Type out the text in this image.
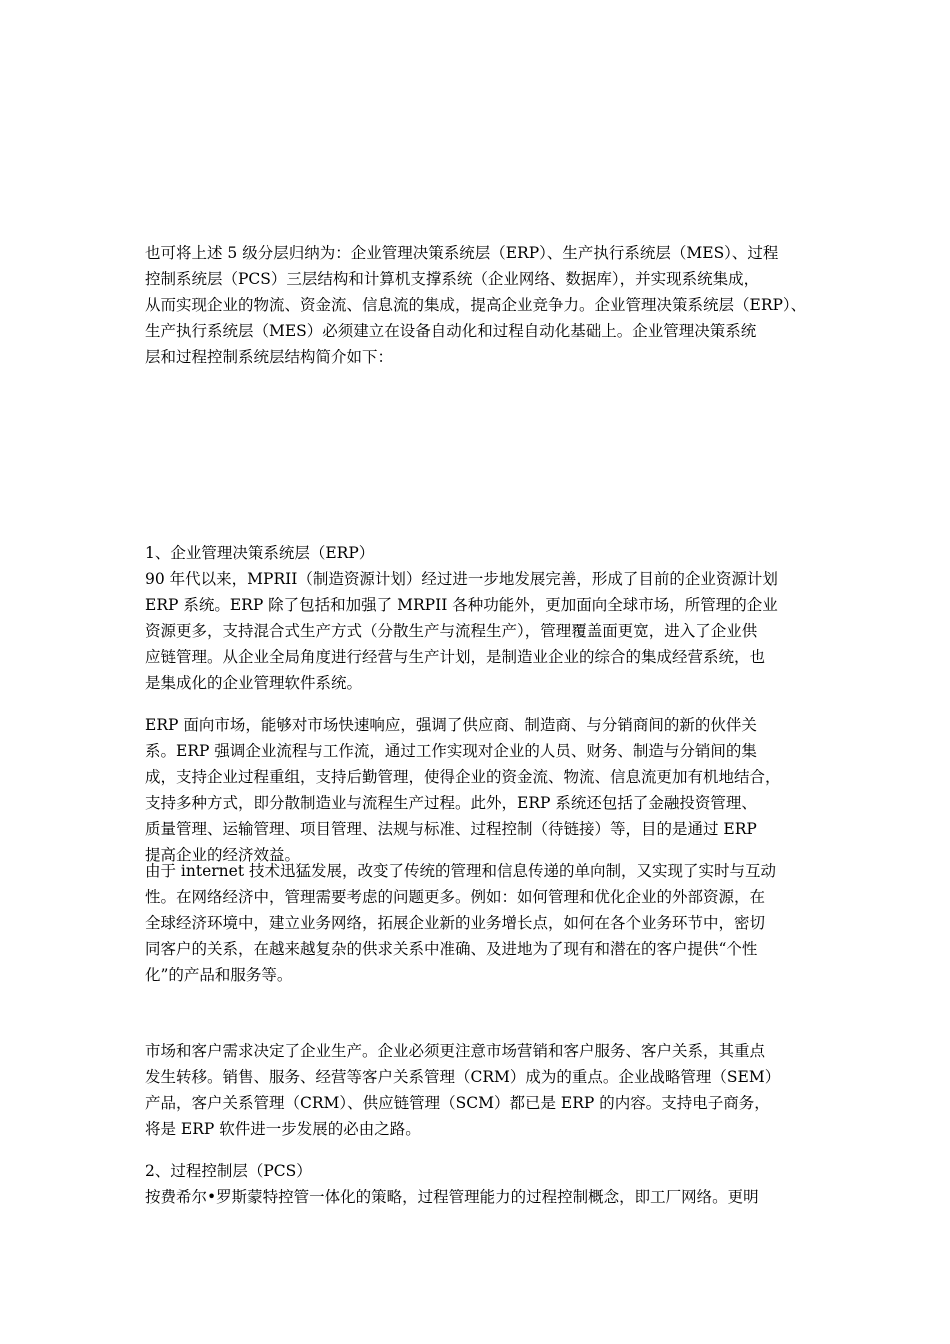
也可将上述 5 级分层归纳为：企业管理决策系统层（ERP）、生产执行系统层（MES）、过程
控制系统层（PCS）三层结构和计算机支撑系统（企业网络、数据库），并实现系统集成，
从而实现企业的物流、资金流、信息流的集成，提高企业竞争力。企业管理决策系统层（ERP）、
生产执行系统层（MES）必须建立在设备自动化和过程自动化基础上。企业管理决策系统
层和过程控制系统层结构简介如下：
1、企业管理决策系统层（ERP）
90 年代以来，MPRII（制造资源计划）经过进一步地发展完善，形成了目前的企业资源计划
ERP 系统。ERP 除了包括和加强了 MRPII 各种功能外，更加面向全球市场，所管理的企业
资源更多，支持混合式生产方式（分散生产与流程生产），管理覆盖面更宽，进入了企业供
应链管理。从企业全局角度进行经营与生产计划，是制造业企业的综合的集成经营系统，也
是集成化的企业管理软件系统。
ERP 面向市场，能够对市场快速响应，强调了供应商、制造商、与分销商间的新的伙伴关
系。ERP 强调企业流程与工作流，通过工作实现对企业的人员、财务、制造与分销间的集
成，支持企业过程重组，支持后勤管理，使得企业的资金流、物流、信息流更加有机地结合，
支持多种方式，即分散制造业与流程生产过程。此外，ERP 系统还包括了金融投资管理、
质量管理、运输管理、项目管理、法规与标准、过程控制（待链接）等，目的是通过 ERP
提高企业的经济效益。
由于 internet 技术迅猛发展，改变了传统的管理和信息传递的单向制，又实现了实时与互动
性。在网络经济中，管理需要考虑的问题更多。例如：如何管理和优化企业的外部资源，在
全球经济环境中，建立业务网络，拓展企业新的业务增长点，如何在各个业务环节中，密切
同客户的关系，在越来越复杂的供求关系中准确、及进地为了现有和潜在的客户提供“个性
化”的产品和服务等。
市场和客户需求决定了企业生产。企业必须更注意市场营销和客户服务、客户关系，其重点
发生转移。销售、服务、经营等客户关系管理（CRM）成为的重点。企业战略管理（SEM）
产品，客户关系管理（CRM）、供应链管理（SCM）都已是 ERP 的内容。支持电子商务，
将是 ERP 软件进一步发展的必由之路。
2、过程控制层（PCS）
按费希尔•罗斯蒙特控管一体化的策略，过程管理能力的过程控制概念，即工厂网络。更明
